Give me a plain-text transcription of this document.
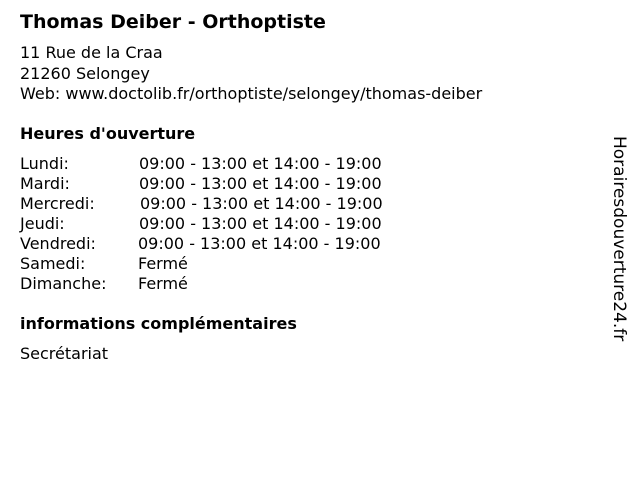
Thomas Deiber - Orthoptiste
11 Rue de la Craa
21260 Selongey
Web: www.doctolib.fr/orthoptiste/selongey/thomas-deiber
Heures d'ouverture
Lundi:	09:00 - 13:00 et 14:00 - 19:00
Mardi:	09:00 - 13:00 et 14:00 - 19:00
Mercredi:	09:00 - 13:00 et 14:00 - 19:00
Jeudi:	09:00 - 13:00 et 14:00 - 19:00
Vendredi:	09:00 - 13:00 et 14:00 - 19:00
Samedi:	Fermé
Dimanche: Fermé
informations complémentaires
Secrétariat
Horairesdouverture24.fr
